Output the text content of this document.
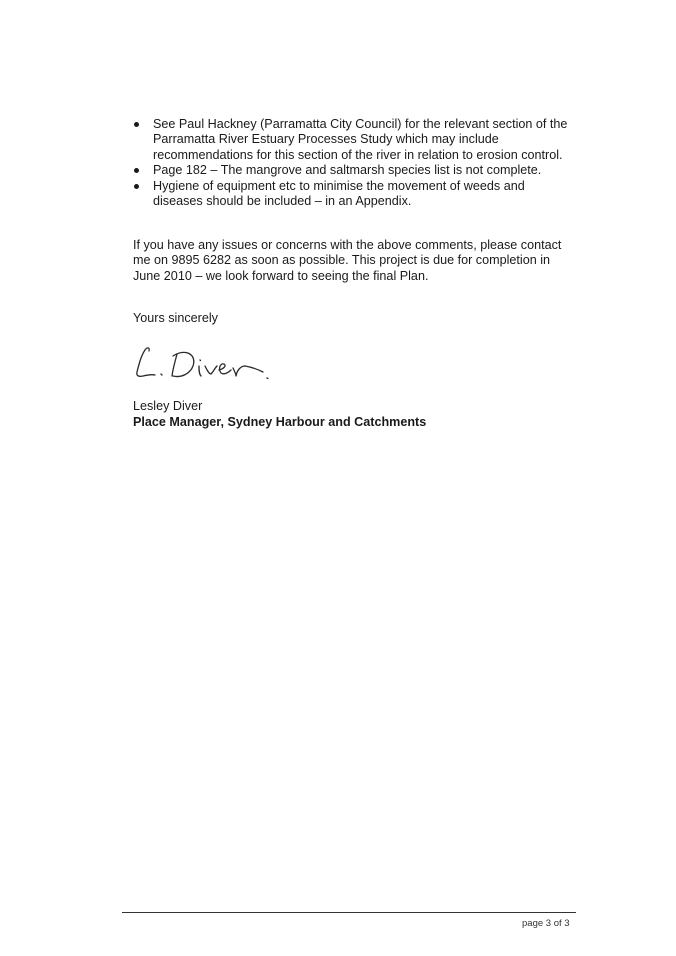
See Paul Hackney (Parramatta City Council) for the relevant section of the Parramatta River Estuary Processes Study which may include recommendations for this section of the river in relation to erosion control.
Page 182 – The mangrove and saltmarsh species list is not complete.
Hygiene of equipment etc to minimise the movement of weeds and diseases should be included – in an Appendix.

If you have any issues or concerns with the above comments, please contact me on 9895 6282 as soon as possible. This project is due for completion in June 2010 – we look forward to seeing the final Plan.

Yours sincerely

Lesley Diver

Place Manager, Sydney Harbour and Catchments

page 3 of 3
